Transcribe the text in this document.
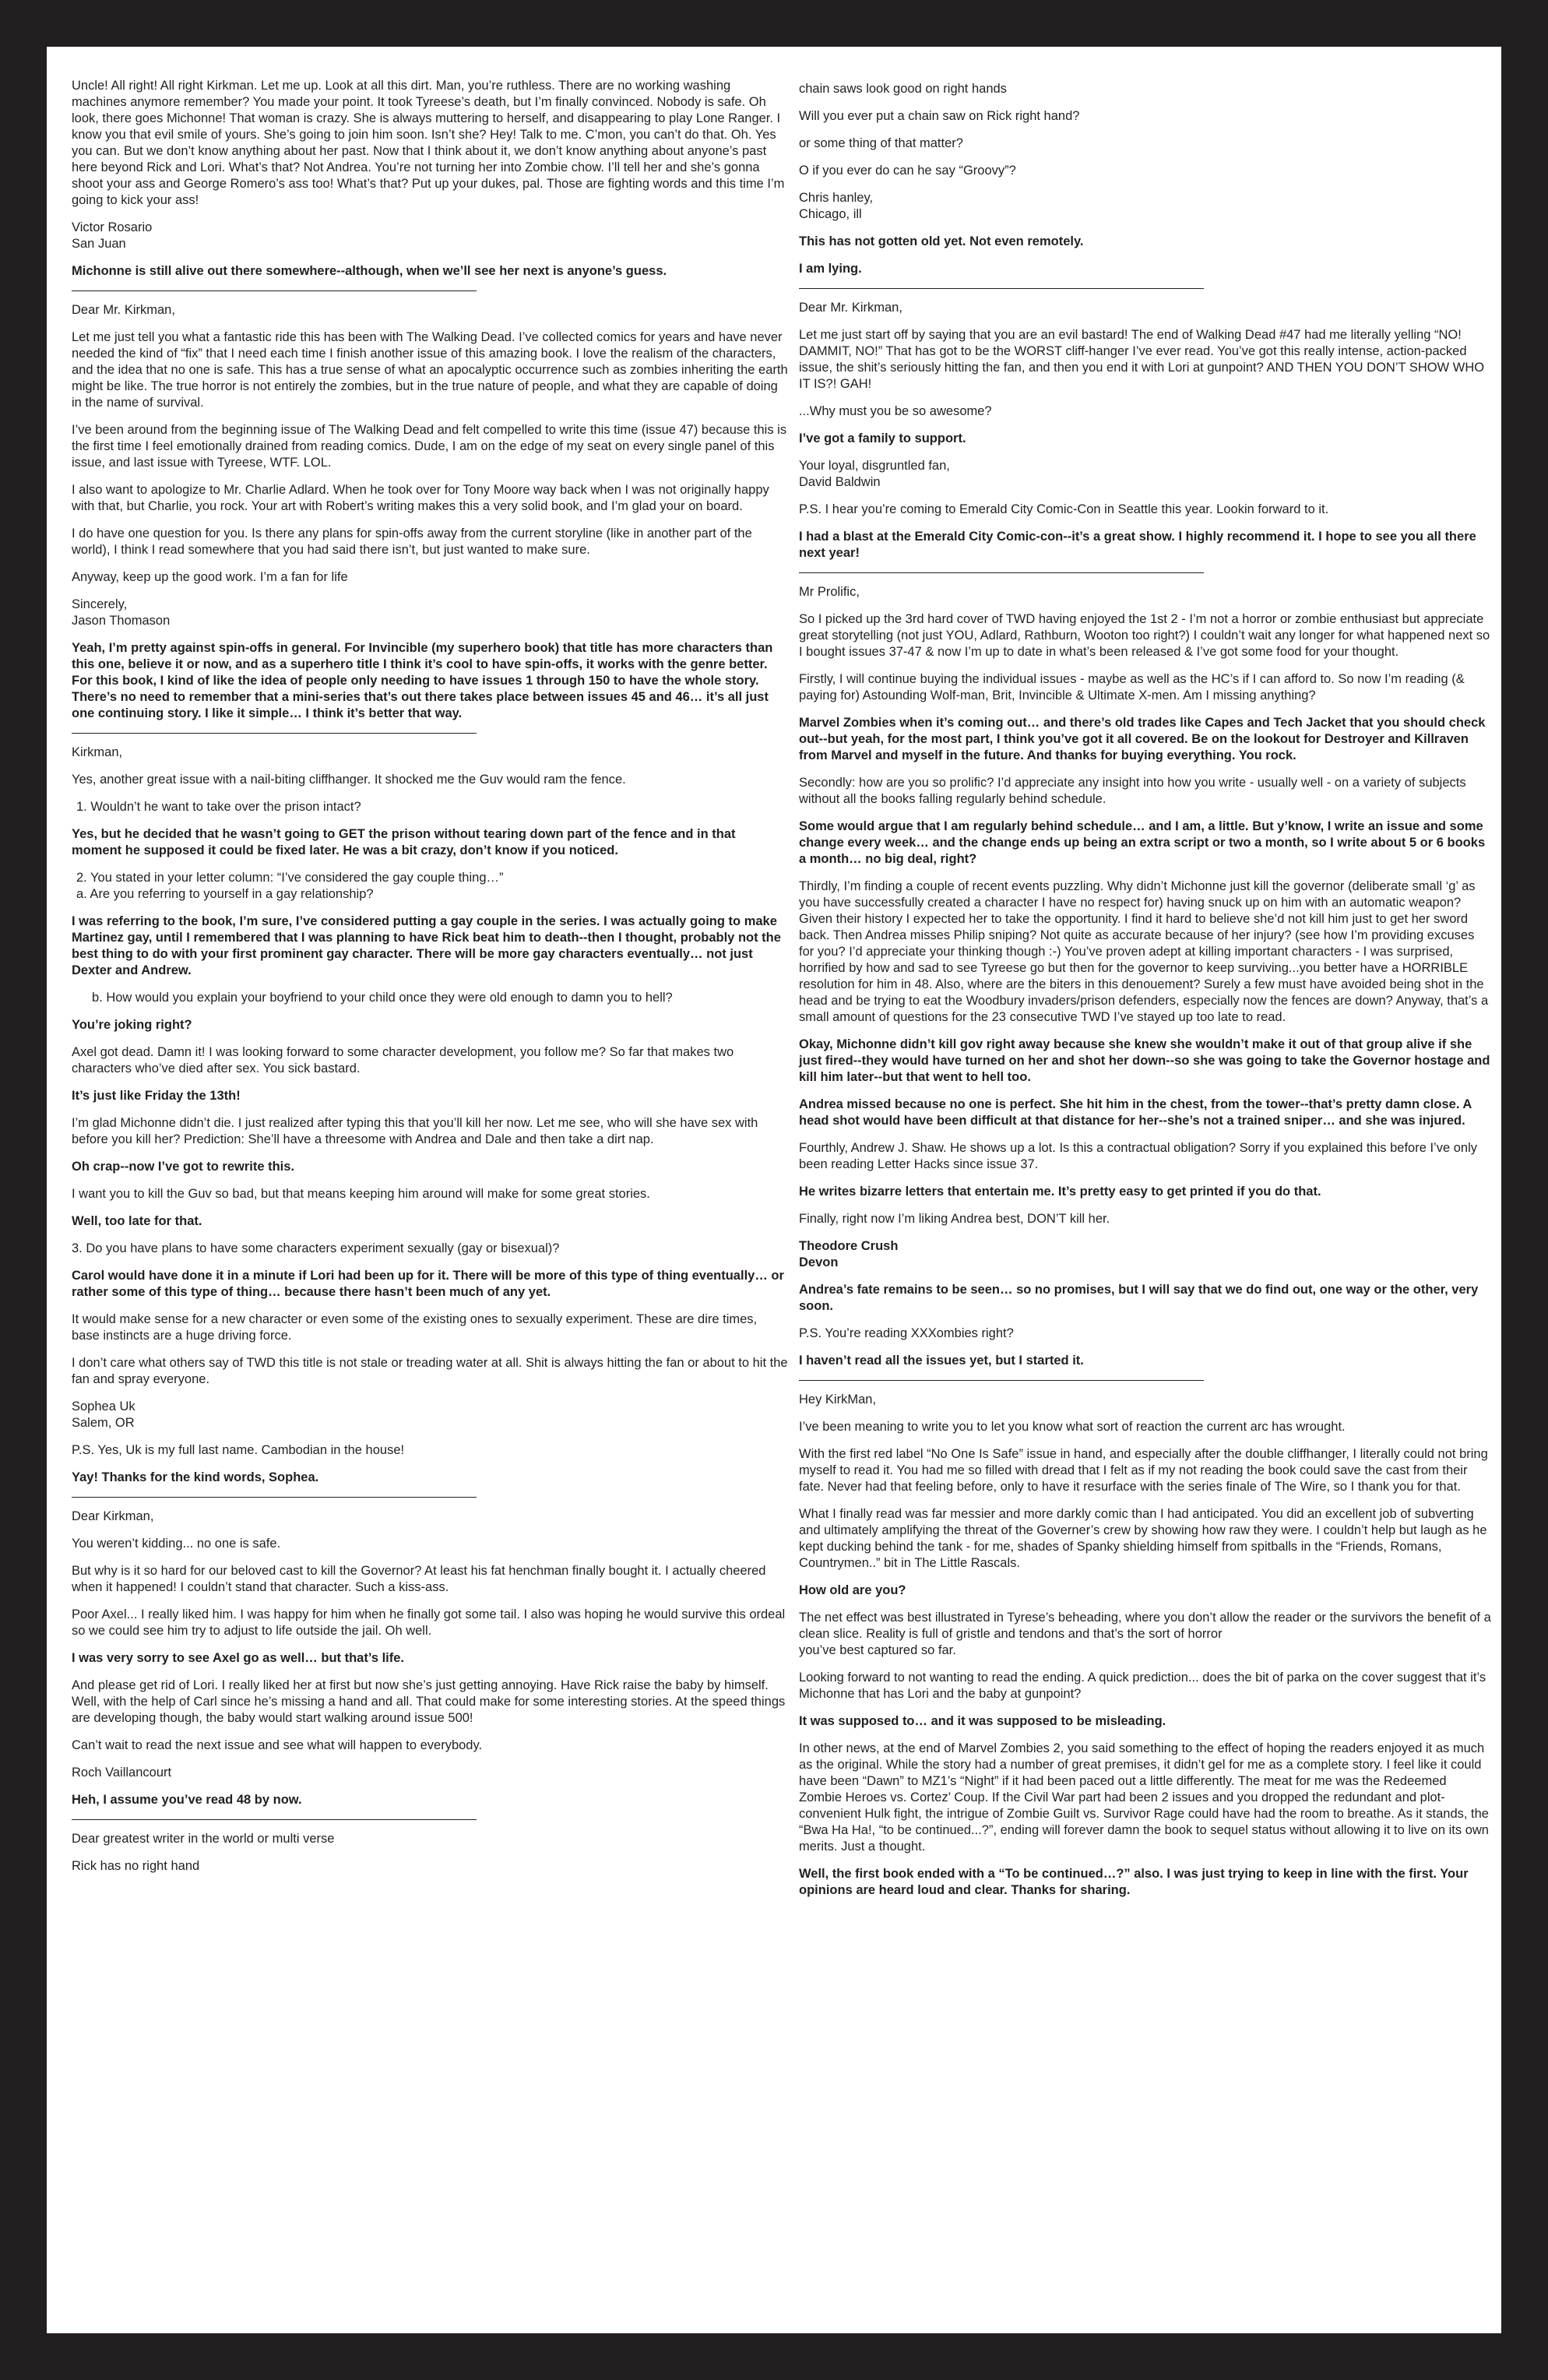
Uncle! All right! All right Kirkman. Let me up. Look at all this dirt. Man, you’re ruthless. There are no working washing machines anymore remember? You made your point. It took Tyreese’s death, but I’m finally convinced. Nobody is safe. Oh look, there goes Michonne! That woman is crazy. She is always muttering to herself, and disappearing to play Lone Ranger. I know you that evil smile of yours. She’s going to join him soon. Isn’t she? Hey! Talk to me. C’mon, you can’t do that. Oh. Yes you can. But we don’t know anything about her past. Now that I think about it, we don’t know anything about anyone’s past here beyond Rick and Lori. What’s that? Not Andrea. You’re not turning her into Zombie chow. I’ll tell her and she’s gonna shoot your ass and George Romero’s ass too! What’s that? Put up your dukes, pal. Those are fighting words and this time I’m going to kick your ass!

Victor Rosario
San Juan

Michonne is still alive out there somewhere--although, when we’ll see her next is anyone’s guess.

Dear Mr. Kirkman,

Let me just tell you what a fantastic ride this has been with The Walking Dead. I’ve collected comics for years and have never needed the kind of “fix” that I need each time I finish another issue of this amazing book. I love the realism of the characters, and the idea that no one is safe. This has a true sense of what an apocalyptic occurrence such as zombies inheriting the earth might be like. The true horror is not entirely the zombies, but in the true nature of people, and what they are capable of doing in the name of survival.

I’ve been around from the beginning issue of The Walking Dead and felt compelled to write this time (issue 47) because this is the first time I feel emotionally drained from reading comics. Dude, I am on the edge of my seat on every single panel of this issue, and last issue with Tyreese, WTF. LOL.

I also want to apologize to Mr. Charlie Adlard. When he took over for Tony Moore way back when I was not originally happy with that, but Charlie, you rock. Your art with Robert’s writing makes this a very solid book, and I’m glad your on board.

I do have one question for you. Is there any plans for spin-offs away from the current storyline (like in another part of the world), I think I read somewhere that you had said there isn’t, but just wanted to make sure.

Anyway, keep up the good work. I’m a fan for life

Sincerely,
Jason Thomason

Yeah, I’m pretty against spin-offs in general. For Invincible (my superhero book) that title has more characters than this one, believe it or now, and as a superhero title I think it’s cool to have spin-offs, it works with the genre better. For this book, I kind of like the idea of people only needing to have issues 1 through 150 to have the whole story. There’s no need to remember that a mini-series that’s out there takes place between issues 45 and 46… it’s all just one continuing story. I like it simple… I think it’s better that way.

Kirkman,

Yes, another great issue with a nail-biting cliffhanger. It shocked me the Guv would ram the fence.

1. Wouldn’t he want to take over the prison intact?

Yes, but he decided that he wasn’t going to GET the prison without tearing down part of the fence and in that moment he supposed it could be fixed later. He was a bit crazy, don’t know if you noticed.

2. You stated in your letter column: “I’ve considered the gay couple thing…”
a. Are you referring to yourself in a gay relationship?

I was referring to the book, I’m sure, I’ve considered putting a gay couple in the series. I was actually going to make Martinez gay, until I remembered that I was planning to have Rick beat him to death--then I thought, probably not the best thing to do with your first prominent gay character. There will be more gay characters eventually… not just Dexter and Andrew.

b. How would you explain your boyfriend to your child once they were old enough to damn you to hell?

You’re joking right?

Axel got dead. Damn it! I was looking forward to some character development, you follow me? So far that makes two characters who’ve died after sex. You sick bastard.

It’s just like Friday the 13th!

I’m glad Michonne didn’t die. I just realized after typing this that you’ll kill her now. Let me see, who will she have sex with before you kill her? Prediction: She’ll have a threesome with Andrea and Dale and then take a dirt nap.

Oh crap--now I’ve got to rewrite this.

I want you to kill the Guv so bad, but that means keeping him around will make for some great stories.

Well, too late for that.

3. Do you have plans to have some characters experiment sexually (gay or bisexual)?

Carol would have done it in a minute if Lori had been up for it. There will be more of this type of thing eventually… or rather some of this type of thing… because there hasn’t been much of any yet.

It would make sense for a new character or even some of the existing ones to sexually experiment. These are dire times, base instincts are a huge driving force.

I don’t care what others say of TWD this title is not stale or treading water at all. Shit is always hitting the fan or about to hit the fan and spray everyone.

Sophea Uk
Salem, OR

P.S. Yes, Uk is my full last name. Cambodian in the house!

Yay! Thanks for the kind words, Sophea.

Dear Kirkman,

You weren’t kidding... no one is safe.

But why is it so hard for our beloved cast to kill the Governor? At least his fat henchman finally bought it. I actually cheered when it happened! I couldn’t stand that character. Such a kiss-ass.

Poor Axel... I really liked him. I was happy for him when he finally got some tail. I also was hoping he would survive this ordeal so we could see him try to adjust to life outside the jail. Oh well.

I was very sorry to see Axel go as well… but that’s life.

And please get rid of Lori. I really liked her at first but now she’s just getting annoying. Have Rick raise the baby by himself. Well, with the help of Carl since he’s missing a hand and all. That could make for some interesting stories. At the speed things are developing though, the baby would start walking around issue 500!

Can’t wait to read the next issue and see what will happen to everybody.

Roch Vaillancourt

Heh, I assume you’ve read 48 by now.

Dear greatest writer in the world or multi verse

Rick has no right hand

chain saws look good on right hands

Will you ever put a chain saw on Rick right hand?

or some thing of that matter?

O if you ever do can he say “Groovy”?

Chris hanley,
Chicago, ill

This has not gotten old yet. Not even remotely.

I am lying.

Dear Mr. Kirkman,

Let me just start off by saying that you are an evil bastard! The end of Walking Dead #47 had me literally yelling “NO! DAMMIT, NO!” That has got to be the WORST cliff-hanger I’ve ever read. You’ve got this really intense, action-packed issue, the shit’s seriously hitting the fan, and then you end it with Lori at gunpoint? AND THEN YOU DON’T SHOW WHO IT IS?! GAH!

...Why must you be so awesome?

I’ve got a family to support.

Your loyal, disgruntled fan,
David Baldwin

P.S. I hear you’re coming to Emerald City Comic-Con in Seattle this year. Lookin forward to it.

I had a blast at the Emerald City Comic-con--it’s a great show. I highly recommend it. I hope to see you all there next year!

Mr Prolific,

So I picked up the 3rd hard cover of TWD having enjoyed the 1st 2 - I’m not a horror or zombie enthusiast but appreciate great storytelling (not just YOU, Adlard, Rathburn, Wooton too right?) I couldn’t wait any longer for what happened next so I bought issues 37-47 & now I’m up to date in what’s been released & I’ve got some food for your thought.

Firstly, I will continue buying the individual issues - maybe as well as the HC’s if I can afford to. So now I’m reading (& paying for) Astounding Wolf-man, Brit, Invincible & Ultimate X-men. Am I missing anything?

Marvel Zombies when it’s coming out… and there’s old trades like Capes and Tech Jacket that you should check out--but yeah, for the most part, I think you’ve got it all covered. Be on the lookout for Destroyer and Killraven from Marvel and myself in the future. And thanks for buying everything. You rock.

Secondly: how are you so prolific? I’d appreciate any insight into how you write - usually well - on a variety of subjects without all the books falling regularly behind schedule.

Some would argue that I am regularly behind schedule… and I am, a little. But y’know, I write an issue and some change every week… and the change ends up being an extra script or two a month, so I write about 5 or 6 books a month… no big deal, right?

Thirdly, I’m finding a couple of recent events puzzling. Why didn’t Michonne just kill the governor (deliberate small ‘g’ as you have successfully created a character I have no respect for) having snuck up on him with an automatic weapon? Given their history I expected her to take the opportunity. I find it hard to believe she’d not kill him just to get her sword back. Then Andrea misses Philip sniping? Not quite as accurate because of her injury? (see how I’m providing excuses for you? I’d appreciate your thinking though :-) You’ve proven adept at killing important characters - I was surprised, horrified by how and sad to see Tyreese go but then for the governor to keep surviving...you better have a HORRIBLE resolution for him in 48. Also, where are the biters in this denouement? Surely a few must have avoided being shot in the head and be trying to eat the Woodbury invaders/prison defenders, especially now the fences are down? Anyway, that’s a small amount of questions for the 23 consecutive TWD I’ve stayed up too late to read.

Okay, Michonne didn’t kill gov right away because she knew she wouldn’t make it out of that group alive if she just fired--they would have turned on her and shot her down--so she was going to take the Governor hostage and kill him later--but that went to hell too.

Andrea missed because no one is perfect. She hit him in the chest, from the tower--that’s pretty damn close. A head shot would have been difficult at that distance for her--she’s not a trained sniper… and she was injured.

Fourthly, Andrew J. Shaw. He shows up a lot. Is this a contractual obligation? Sorry if you explained this before I’ve only been reading Letter Hacks since issue 37.

He writes bizarre letters that entertain me. It’s pretty easy to get printed if you do that.

Finally, right now I’m liking Andrea best, DON’T kill her.

Theodore Crush
Devon

Andrea’s fate remains to be seen… so no promises, but I will say that we do find out, one way or the other, very soon.

P.S. You’re reading XXXombies right?

I haven’t read all the issues yet, but I started it.

Hey KirkMan,

I’ve been meaning to write you to let you know what sort of reaction the current arc has wrought.

With the first red label “No One Is Safe” issue in hand, and especially after the double cliffhanger, I literally could not bring myself to read it. You had me so filled with dread that I felt as if my not reading the book could save the cast from their fate. Never had that feeling before, only to have it resurface with the series finale of The Wire, so I thank you for that.

What I finally read was far messier and more darkly comic than I had anticipated. You did an excellent job of subverting and ultimately amplifying the threat of the Governer’s crew by showing how raw they were. I couldn’t help but laugh as he kept ducking behind the tank - for me, shades of Spanky shielding himself from spitballs in the “Friends, Romans, Countrymen..” bit in The Little Rascals.

How old are you?

The net effect was best illustrated in Tyrese’s beheading, where you don’t allow the reader or the survivors the benefit of a clean slice. Reality is full of gristle and tendons and that’s the sort of horror
you’ve best captured so far.

Looking forward to not wanting to read the ending. A quick prediction... does the bit of parka on the cover suggest that it’s Michonne that has Lori and the baby at gunpoint?

It was supposed to… and it was supposed to be misleading.

In other news, at the end of Marvel Zombies 2, you said something to the effect of hoping the readers enjoyed it as much as the original. While the story had a number of great premises, it didn’t gel for me as a complete story. I feel like it could have been “Dawn” to MZ1’s “Night” if it had been paced out a little differently. The meat for me was the Redeemed Zombie Heroes vs. Cortez’ Coup. If the Civil War part had been 2 issues and you dropped the redundant and plot-convenient Hulk fight, the intrigue of Zombie Guilt vs. Survivor Rage could have had the room to breathe. As it stands, the “Bwa Ha Ha!, “to be continued...?”, ending will forever damn the book to sequel status without allowing it to live on its own merits. Just a thought.

Well, the first book ended with a “To be continued…?” also. I was just trying to keep in line with the first. Your opinions are heard loud and clear. Thanks for sharing.
